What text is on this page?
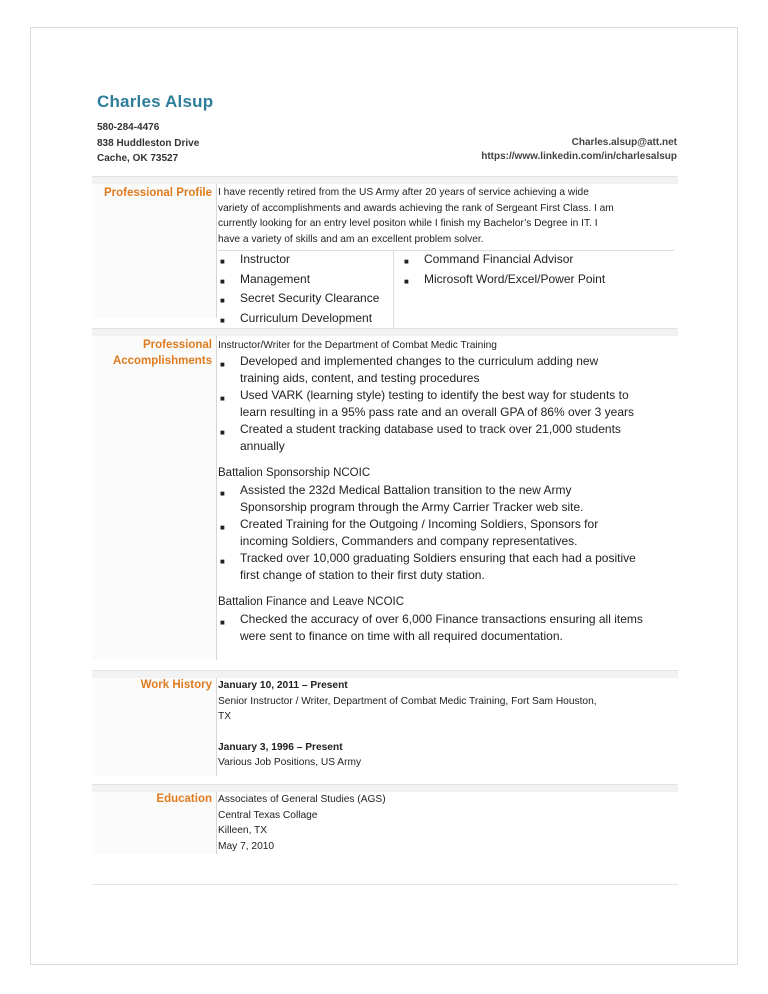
Charles Alsup
580-284-4476
838 Huddleston Drive
Cache, OK 73527
Charles.alsup@att.net
https://www.linkedin.com/in/charlesalsup
Professional Profile I have recently retired from the US Army after 20 years of service achieving a wide
variety of accomplishments and awards achieving the rank of Sergeant First Class. I am
currently looking for an entry level positon while I finish my Bachelor’s Degree in IT. I
have a variety of skills and am an excellent problem solver.
■	Instructor
■	Management
■	Secret Security Clearance
■	Curriculum Development
■	Command Financial Advisor
■	Microsoft Word/Excel/Power Point
Professional
Accomplishments
Instructor/Writer for the Department of Combat Medic Training
■	Developed and implemented changes to the curriculum adding new
training aids, content, and testing procedures
■	Used VARK (learning style) testing to identify the best way for students to
learn resulting in a 95% pass rate and an overall GPA of 86% over 3 years
■	Created a student tracking database used to track over 21,000 students
annually
Battalion Sponsorship NCOIC
■	Assisted the 232d Medical Battalion transition to the new Army
Sponsorship program through the Army Carrier Tracker web site.
■	Created Training for the Outgoing / Incoming Soldiers, Sponsors for
incoming Soldiers, Commanders and company representatives.
■	Tracked over 10,000 graduating Soldiers ensuring that each had a positive
first change of station to their first duty station.
Battalion Finance and Leave NCOIC
■	Checked the accuracy of over 6,000 Finance transactions ensuring all items
were sent to finance on time with all required documentation.
Work History January 10, 2011 – Present
Senior Instructor / Writer, Department of Combat Medic Training, Fort Sam Houston,
TX
January 3, 1996 – Present
Various Job Positions, US Army
Education Associates of General Studies (AGS)
Central Texas Collage
Killeen, TX
May 7, 2010
